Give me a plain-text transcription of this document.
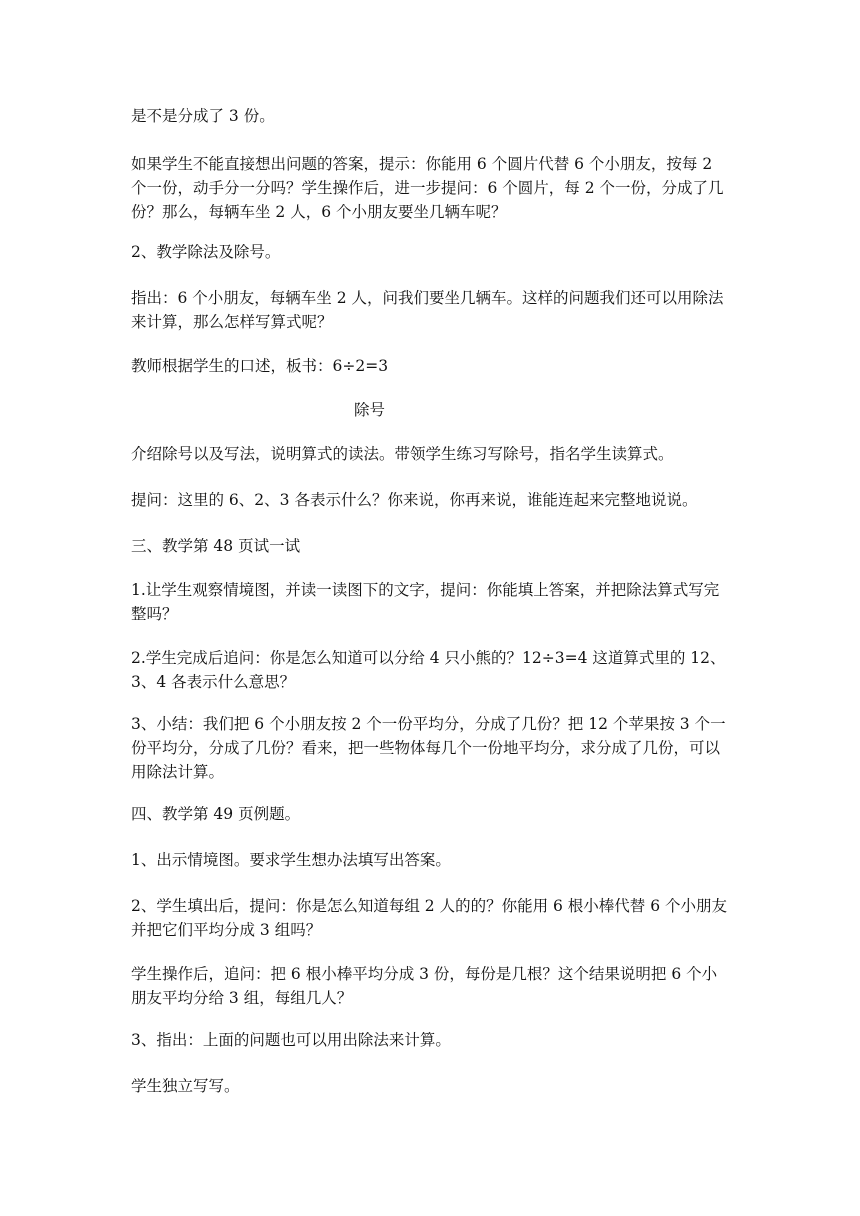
是不是分成了 3 份。

如果学生不能直接想出问题的答案，提示：你能用 6 个圆片代替 6 个小朋友，按每 2 个一份，动手分一分吗？学生操作后，进一步提问：6 个圆片，每 2 个一份，分成了几份？那么，每辆车坐 2 人，6 个小朋友要坐几辆车呢？

2、教学除法及除号。

指出：6 个小朋友，每辆车坐 2 人，问我们要坐几辆车。这样的问题我们还可以用除法来计算，那么怎样写算式呢？

教师根据学生的口述，板书：6÷2=3

除号

介绍除号以及写法，说明算式的读法。带领学生练习写除号，指名学生读算式。

提问：这里的 6、2、3 各表示什么？你来说，你再来说，谁能连起来完整地说说。

三、教学第 48 页试一试

1.让学生观察情境图，并读一读图下的文字，提问：你能填上答案，并把除法算式写完整吗？

2.学生完成后追问：你是怎么知道可以分给 4 只小熊的？12÷3=4 这道算式里的 12、3、4 各表示什么意思？

3、小结：我们把 6 个小朋友按 2 个一份平均分，分成了几份？把 12 个苹果按 3 个一份平均分，分成了几份？看来，把一些物体每几个一份地平均分，求分成了几份，可以用除法计算。

四、教学第 49 页例题。

1、出示情境图。要求学生想办法填写出答案。

2、学生填出后，提问：你是怎么知道每组 2 人的的？你能用 6 根小棒代替 6 个小朋友并把它们平均分成 3 组吗？

学生操作后，追问：把 6 根小棒平均分成 3 份，每份是几根？这个结果说明把 6 个小朋友平均分给 3 组，每组几人？

3、指出：上面的问题也可以用出除法来计算。

学生独立写写。
